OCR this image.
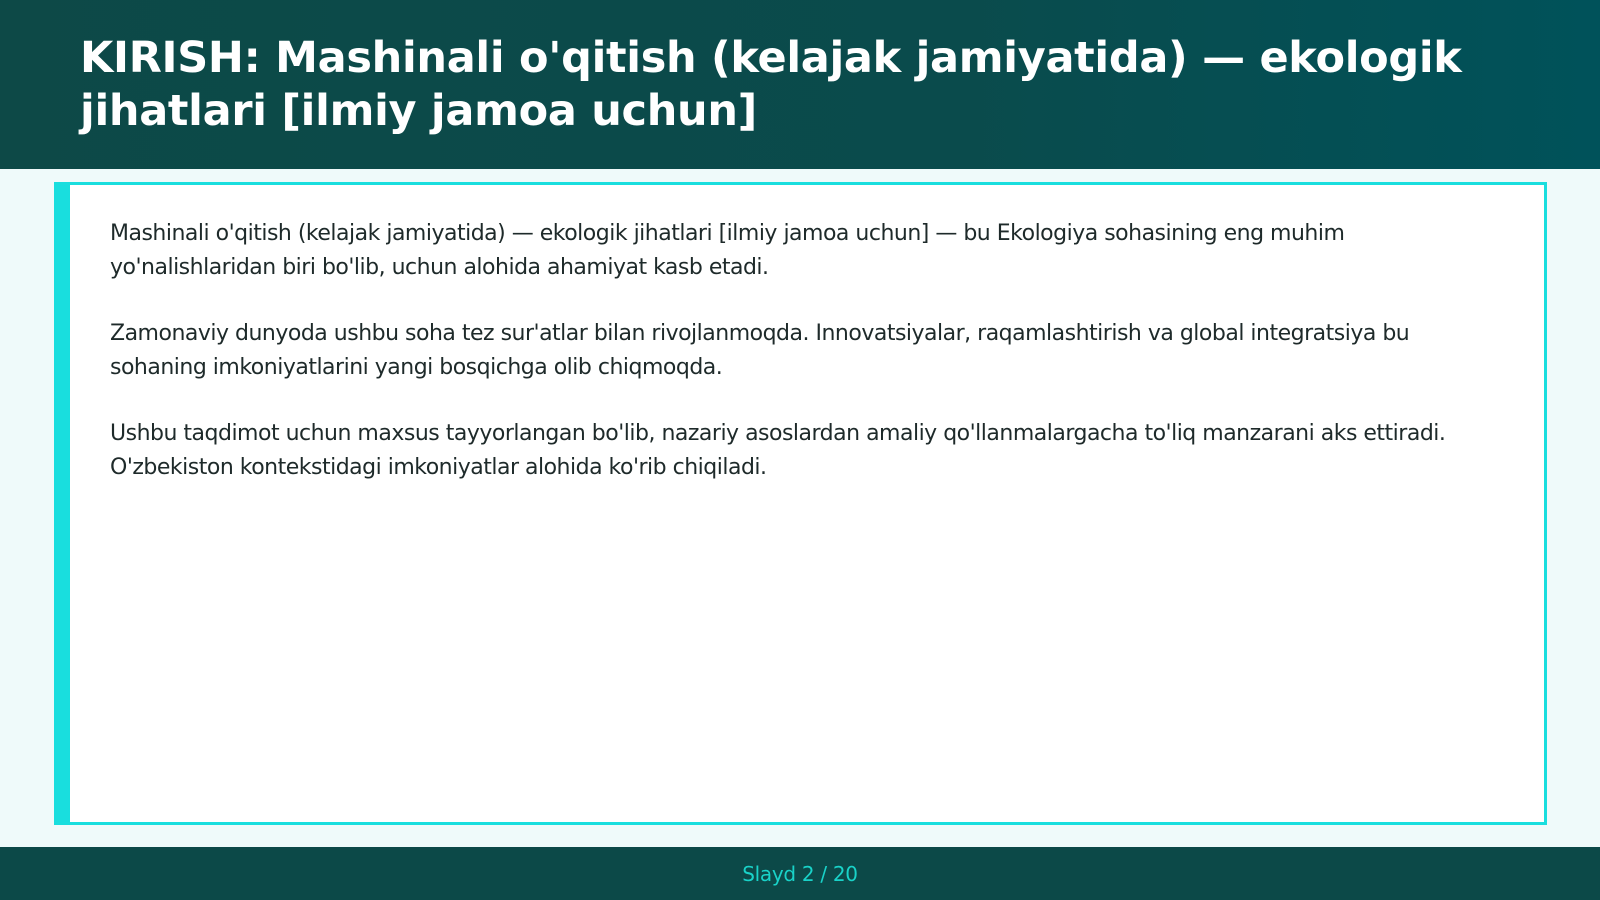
KIRISH: Mashinali o'qitish (kelajak jamiyatida) — ekologik jihatlari [ilmiy jamoa uchun]

Mashinali o'qitish (kelajak jamiyatida) — ekologik jihatlari [ilmiy jamoa uchun] — bu Ekologiya sohasining eng muhim yo'nalishlaridan biri bo'lib, uchun alohida ahamiyat kasb etadi.

Zamonaviy dunyoda ushbu soha tez sur'atlar bilan rivojlanmoqda. Innovatsiyalar, raqamlashtirish va global integratsiya bu sohaning imkoniyatlarini yangi bosqichga olib chiqmoqda.

Ushbu taqdimot uchun maxsus tayyorlangan bo'lib, nazariy asoslardan amaliy qo'llanmalargacha to'liq manzarani aks ettiradi. O'zbekiston kontekstidagi imkoniyatlar alohida ko'rib chiqiladi.

Slayd 2 / 20
